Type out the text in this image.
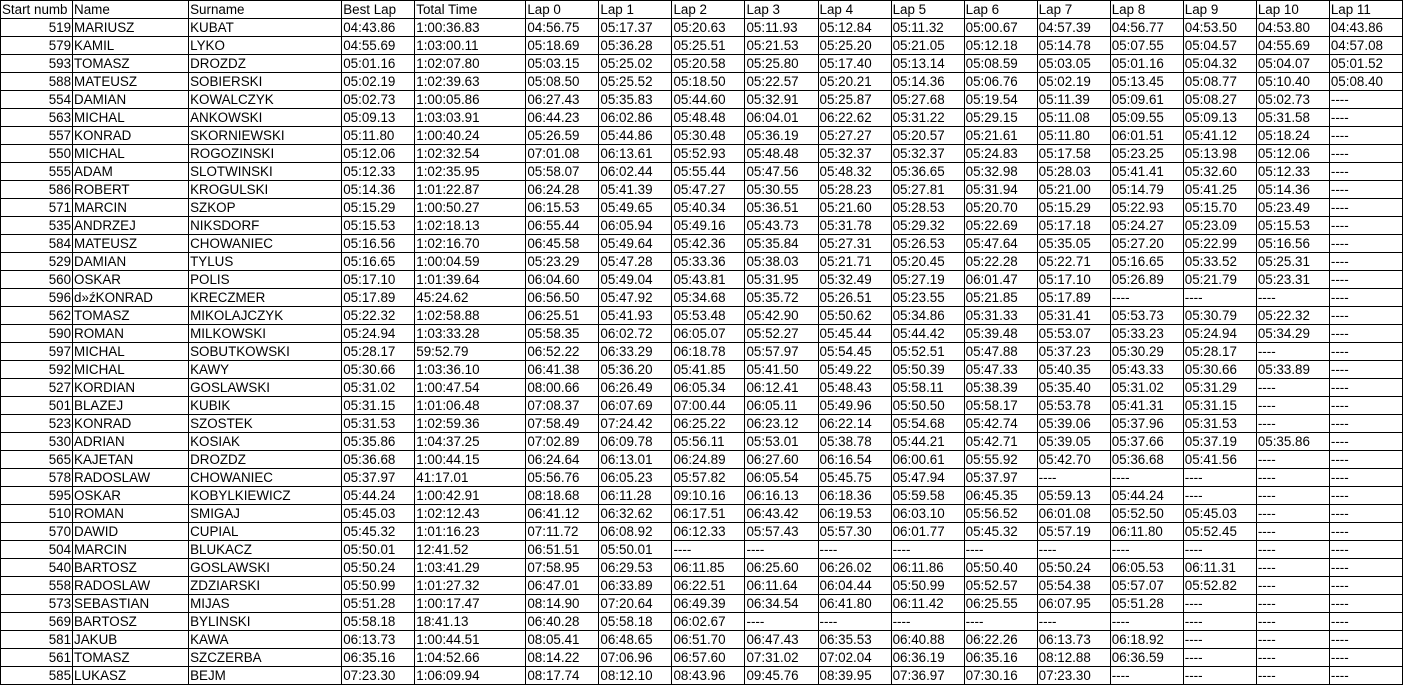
Start numb	Name	Surname	Best Lap	Total Time	Lap 0	Lap 1	Lap 2	Lap 3	Lap 4	Lap 5	Lap 6	Lap 7	Lap 8	Lap 9	Lap 10	Lap 11
519	MARIUSZ	KUBAT	04:43.86	1:00:36.83	04:56.75	05:17.37	05:20.63	05:11.93	05:12.84	05:11.32	05:00.67	04:57.39	04:56.77	04:53.50	04:53.80	04:43.86
579	KAMIL	LYKO	04:55.69	1:03:00.11	05:18.69	05:36.28	05:25.51	05:21.53	05:25.20	05:21.05	05:12.18	05:14.78	05:07.55	05:04.57	04:55.69	04:57.08
593	TOMASZ	DROZDZ	05:01.16	1:02:07.80	05:03.15	05:25.02	05:20.58	05:25.80	05:17.40	05:13.14	05:08.59	05:03.05	05:01.16	05:04.32	05:04.07	05:01.52
588	MATEUSZ	SOBIERSKI	05:02.19	1:02:39.63	05:08.50	05:25.52	05:18.50	05:22.57	05:20.21	05:14.36	05:06.76	05:02.19	05:13.45	05:08.77	05:10.40	05:08.40
554	DAMIAN	KOWALCZYK	05:02.73	1:00:05.86	06:27.43	05:35.83	05:44.60	05:32.91	05:25.87	05:27.68	05:19.54	05:11.39	05:09.61	05:08.27	05:02.73	----
563	MICHAL	ANKOWSKI	05:09.13	1:03:03.91	06:44.23	06:02.86	05:48.48	06:04.01	06:22.62	05:31.22	05:29.15	05:11.08	05:09.55	05:09.13	05:31.58	----
557	KONRAD	SKORNIEWSKI	05:11.80	1:00:40.24	05:26.59	05:44.86	05:30.48	05:36.19	05:27.27	05:20.57	05:21.61	05:11.80	06:01.51	05:41.12	05:18.24	----
550	MICHAL	ROGOZINSKI	05:12.06	1:02:32.54	07:01.08	06:13.61	05:52.93	05:48.48	05:32.37	05:32.37	05:24.83	05:17.58	05:23.25	05:13.98	05:12.06	----
555	ADAM	SLOTWINSKI	05:12.33	1:02:35.95	05:58.07	06:02.44	05:55.44	05:47.56	05:48.32	05:36.65	05:32.98	05:28.03	05:41.41	05:32.60	05:12.33	----
586	ROBERT	KROGULSKI	05:14.36	1:01:22.87	06:24.28	05:41.39	05:47.27	05:30.55	05:28.23	05:27.81	05:31.94	05:21.00	05:14.79	05:41.25	05:14.36	----
571	MARCIN	SZKOP	05:15.29	1:00:50.27	06:15.53	05:49.65	05:40.34	05:36.51	05:21.60	05:28.53	05:20.70	05:15.29	05:22.93	05:15.70	05:23.49	----
535	ANDRZEJ	NIKSDORF	05:15.53	1:02:18.13	06:55.44	06:05.94	05:49.16	05:43.73	05:31.78	05:29.32	05:22.69	05:17.18	05:24.27	05:23.09	05:15.53	----
584	MATEUSZ	CHOWANIEC	05:16.56	1:02:16.70	06:45.58	05:49.64	05:42.36	05:35.84	05:27.31	05:26.53	05:47.64	05:35.05	05:27.20	05:22.99	05:16.56	----
529	DAMIAN	TYLUS	05:16.65	1:00:04.59	05:23.29	05:47.28	05:33.36	05:38.03	05:21.71	05:20.45	05:22.28	05:22.71	05:16.65	05:33.52	05:25.31	----
560	OSKAR	POLIS	05:17.10	1:01:39.64	06:04.60	05:49.04	05:43.81	05:31.95	05:32.49	05:27.19	06:01.47	05:17.10	05:26.89	05:21.79	05:23.31	----
596	d»źKONRAD	KRECZMER	05:17.89	45:24.62	06:56.50	05:47.92	05:34.68	05:35.72	05:26.51	05:23.55	05:21.85	05:17.89	----	----	----	----
562	TOMASZ	MIKOLAJCZYK	05:22.32	1:02:58.88	06:25.51	05:41.93	05:53.48	05:42.90	05:50.62	05:34.86	05:31.33	05:31.41	05:53.73	05:30.79	05:22.32	----
590	ROMAN	MILKOWSKI	05:24.94	1:03:33.28	05:58.35	06:02.72	06:05.07	05:52.27	05:45.44	05:44.42	05:39.48	05:53.07	05:33.23	05:24.94	05:34.29	----
597	MICHAL	SOBUTKOWSKI	05:28.17	59:52.79	06:52.22	06:33.29	06:18.78	05:57.97	05:54.45	05:52.51	05:47.88	05:37.23	05:30.29	05:28.17	----	----
592	MICHAL	KAWY	05:30.66	1:03:36.10	06:41.38	05:36.20	05:41.85	05:41.50	05:49.22	05:50.39	05:47.33	05:40.35	05:43.33	05:30.66	05:33.89	----
527	KORDIAN	GOSLAWSKI	05:31.02	1:00:47.54	08:00.66	06:26.49	06:05.34	06:12.41	05:48.43	05:58.11	05:38.39	05:35.40	05:31.02	05:31.29	----	----
501	BLAZEJ	KUBIK	05:31.15	1:01:06.48	07:08.37	06:07.69	07:00.44	06:05.11	05:49.96	05:50.50	05:58.17	05:53.78	05:41.31	05:31.15	----	----
523	KONRAD	SZOSTEK	05:31.53	1:02:59.36	07:58.49	07:24.42	06:25.22	06:23.12	06:22.14	05:54.68	05:42.74	05:39.06	05:37.96	05:31.53	----	----
530	ADRIAN	KOSIAK	05:35.86	1:04:37.25	07:02.89	06:09.78	05:56.11	05:53.01	05:38.78	05:44.21	05:42.71	05:39.05	05:37.66	05:37.19	05:35.86	----
565	KAJETAN	DROZDZ	05:36.68	1:00:44.15	06:24.64	06:13.01	06:24.89	06:27.60	06:16.54	06:00.61	05:55.92	05:42.70	05:36.68	05:41.56	----	----
578	RADOSLAW	CHOWANIEC	05:37.97	41:17.01	05:56.76	06:05.23	05:57.82	06:05.54	05:45.75	05:47.94	05:37.97	----	----	----	----	----
595	OSKAR	KOBYLKIEWICZ	05:44.24	1:00:42.91	08:18.68	06:11.28	09:10.16	06:16.13	06:18.36	05:59.58	06:45.35	05:59.13	05:44.24	----	----	----
510	ROMAN	SMIGAJ	05:45.03	1:02:12.43	06:41.12	06:32.62	06:17.51	06:43.42	06:19.53	06:03.10	05:56.52	06:01.08	05:52.50	05:45.03	----	----
570	DAWID	CUPIAL	05:45.32	1:01:16.23	07:11.72	06:08.92	06:12.33	05:57.43	05:57.30	06:01.77	05:45.32	05:57.19	06:11.80	05:52.45	----	----
504	MARCIN	BLUKACZ	05:50.01	12:41.52	06:51.51	05:50.01	----	----	----	----	----	----	----	----	----	----
540	BARTOSZ	GOSLAWSKI	05:50.24	1:03:41.29	07:58.95	06:29.53	06:11.85	06:25.60	06:26.02	06:11.86	05:50.40	05:50.24	06:05.53	06:11.31	----	----
558	RADOSLAW	ZDZIARSKI	05:50.99	1:01:27.32	06:47.01	06:33.89	06:22.51	06:11.64	06:04.44	05:50.99	05:52.57	05:54.38	05:57.07	05:52.82	----	----
573	SEBASTIAN	MIJAS	05:51.28	1:00:17.47	08:14.90	07:20.64	06:49.39	06:34.54	06:41.80	06:11.42	06:25.55	06:07.95	05:51.28	----	----	----
569	BARTOSZ	BYLINSKI	05:58.18	18:41.13	06:40.28	05:58.18	06:02.67	----	----	----	----	----	----	----	----	----
581	JAKUB	KAWA	06:13.73	1:00:44.51	08:05.41	06:48.65	06:51.70	06:47.43	06:35.53	06:40.88	06:22.26	06:13.73	06:18.92	----	----	----
561	TOMASZ	SZCZERBA	06:35.16	1:04:52.66	08:14.22	07:06.96	06:57.60	07:31.02	07:02.04	06:36.19	06:35.16	08:12.88	06:36.59	----	----	----
585	LUKASZ	BEJM	07:23.30	1:06:09.94	08:17.74	08:12.10	08:43.96	09:45.76	08:39.95	07:36.97	07:30.16	07:23.30	----	----	----	----
